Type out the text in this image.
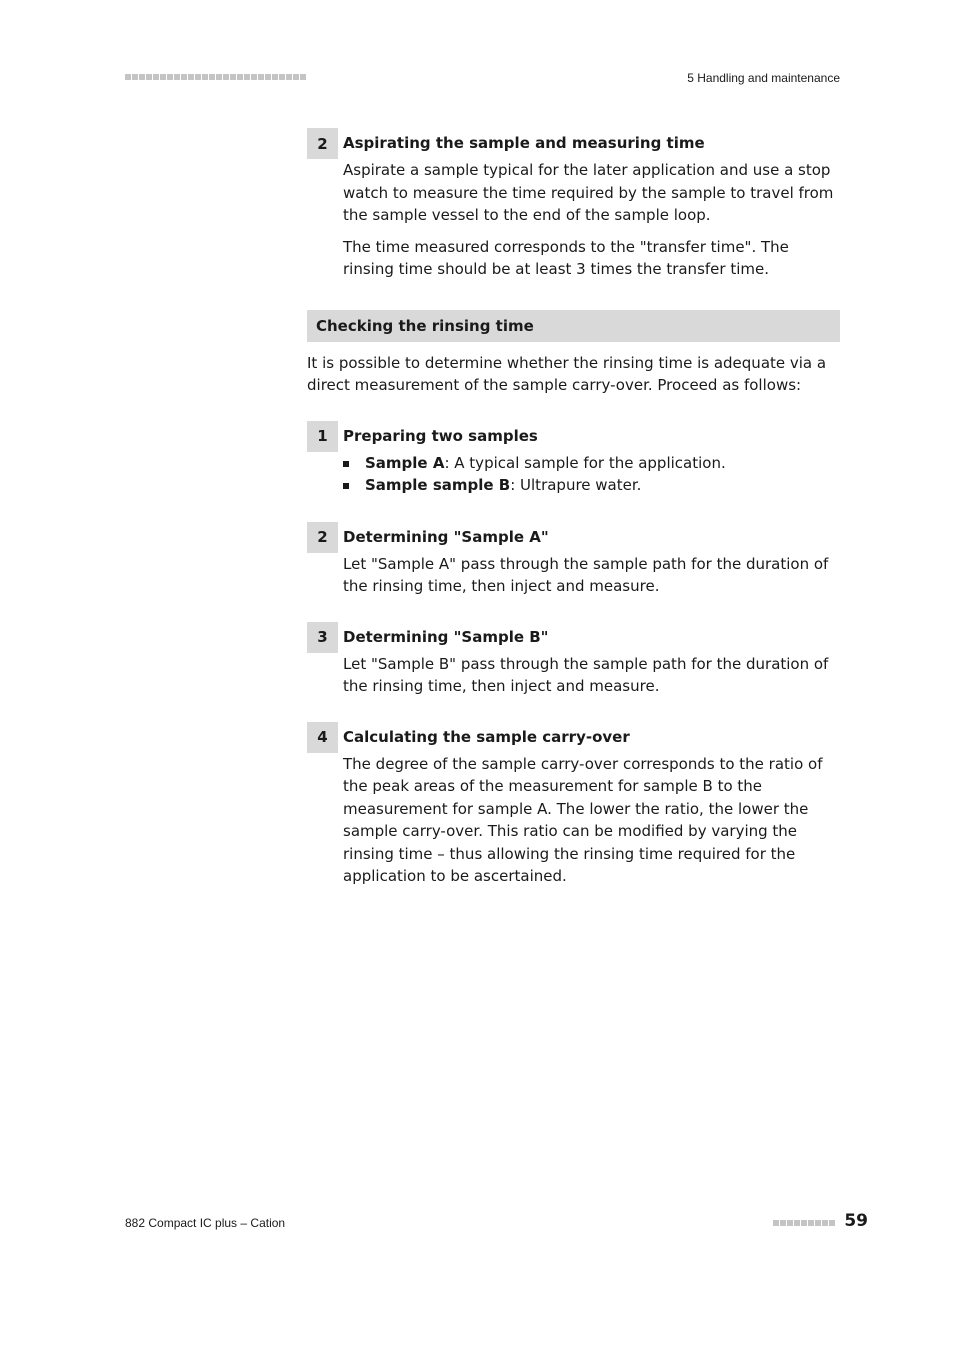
5 Handling and maintenance
2	Aspirating the sample and measuring time

Aspirate a sample typical for the later application and use a stop watch to measure the time required by the sample to travel from the sample vessel to the end of the sample loop.

The time measured corresponds to the "transfer time". The rinsing time should be at least 3 times the transfer time.

Checking the rinsing time

It is possible to determine whether the rinsing time is adequate via a direct measurement of the sample carry-over. Proceed as follows:

1	Preparing two samples
Sample A: A typical sample for the application.
Sample sample B: Ultrapure water.
2	Determining "Sample A"

Let "Sample A" pass through the sample path for the duration of the rinsing time, then inject and measure.

3	Determining "Sample B"

Let "Sample B" pass through the sample path for the duration of the rinsing time, then inject and measure.

4	Calculating the sample carry-over

The degree of the sample carry-over corresponds to the ratio of the peak areas of the measurement for sample B to the measurement for sample A. The lower the ratio, the lower the sample carry-over. This ratio can be modified by varying the rinsing time – thus allowing the rinsing time required for the application to be ascertained.

882 Compact IC plus – Cation	59
